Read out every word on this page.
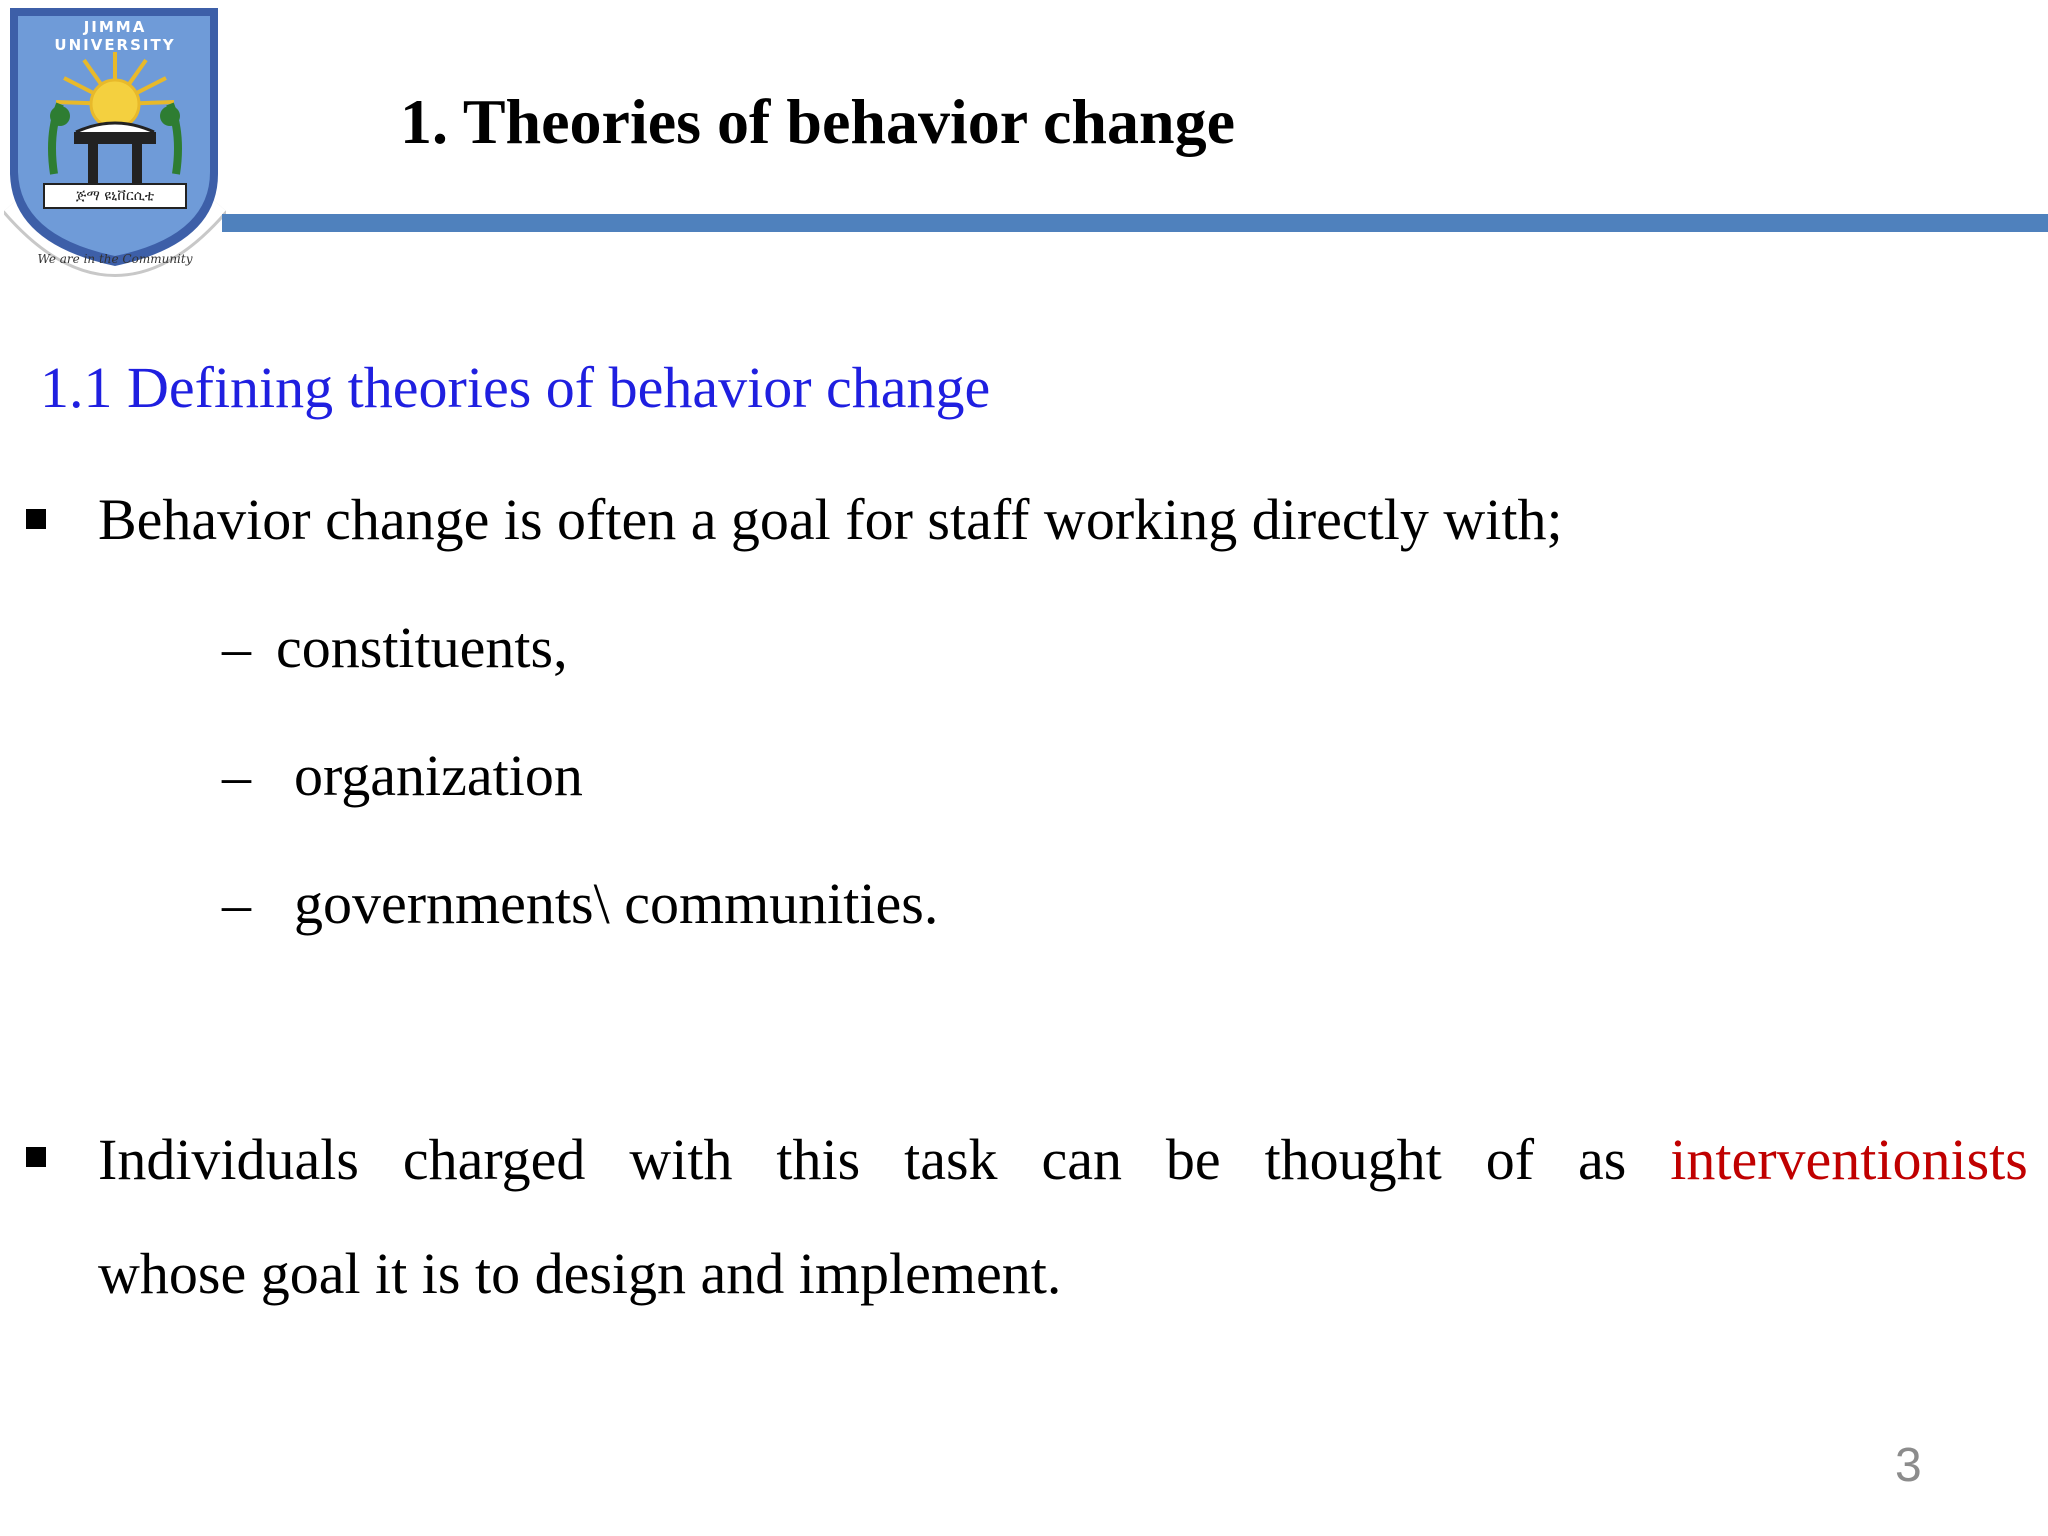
ጅማ ዩኒቨርሲቲ
JIMMA UNIVERSITY
We are in the Community
1. Theories of behavior change
1.1 Defining theories of behavior change
Behavior change is often a goal for staff working directly with;
– constituents,
– organization
– governments\ communities.
Individuals charged with this task can be thought of as interventionists
whose goal it is to design and implement.
3
